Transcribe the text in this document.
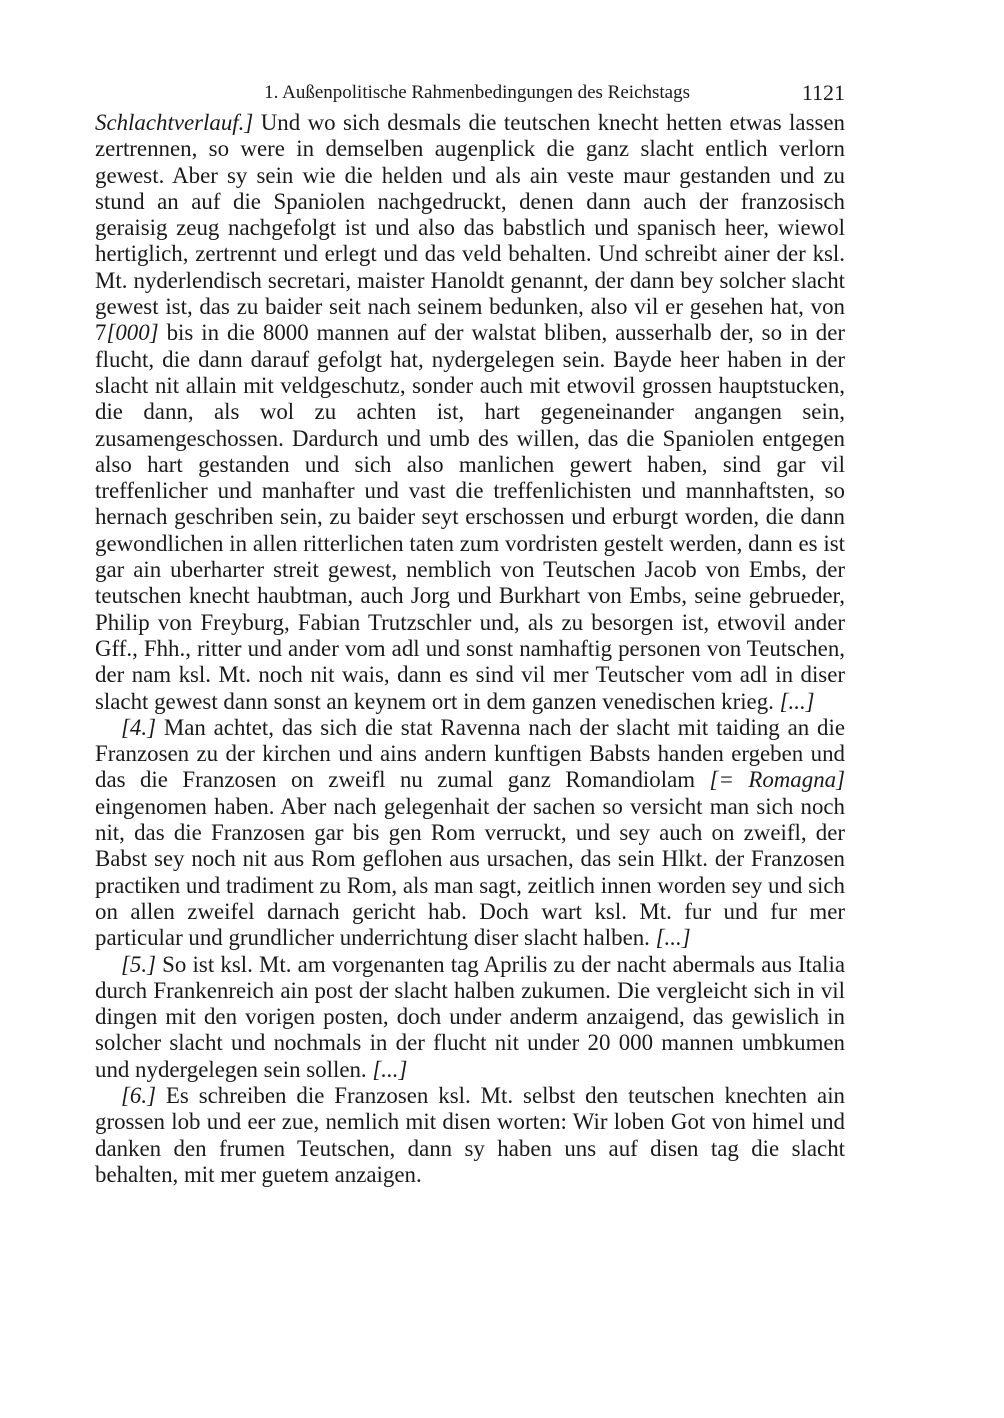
1. Außenpolitische Rahmenbedingungen des Reichstags	1121

Schlachtverlauf.] Und wo sich desmals die teutschen knecht hetten etwas lassen zertrennen, so were in demselben augenplick die ganz slacht entlich verlorn gewest. Aber sy sein wie die helden und als ain veste maur gestanden und zu stund an auf die Spaniolen nachgedruckt, denen dann auch der franzosisch geraisig zeug nachgefolgt ist und also das babstlich und spanisch heer, wiewol hertiglich, zertrennt und erlegt und das veld behalten. Und schreibt ainer der ksl. Mt. nyderlendisch secretari, maister Hanoldt genannt, der dann bey solcher slacht gewest ist, das zu baider seit nach seinem bedunken, also vil er gesehen hat, von 7[000] bis in die 8000 mannen auf der walstat bliben, ausserhalb der, so in der flucht, die dann darauf gefolgt hat, nydergelegen sein. Bayde heer haben in der slacht nit allain mit veldgeschutz, sonder auch mit etwovil grossen hauptstucken, die dann, als wol zu achten ist, hart gegeneinander angangen sein, zusamengeschossen. Dardurch und umb des willen, das die Spaniolen entgegen also hart gestanden und sich also manlichen gewert haben, sind gar vil treffenlicher und manhafter und vast die treffenlichisten und mannhaftsten, so hernach geschriben sein, zu baider seyt erschossen und erburgt worden, die dann gewondlichen in allen ritterlichen taten zum vordristen gestelt werden, dann es ist gar ain uberharter streit gewest, nemblich von Teutschen Jacob von Embs, der teutschen knecht haubtman, auch Jorg und Burkhart von Embs, seine gebrueder, Philip von Freyburg, Fabian Trutzschler und, als zu besorgen ist, etwovil ander Gff., Fhh., ritter und ander vom adl und sonst namhaftig personen von Teutschen, der nam ksl. Mt. noch nit wais, dann es sind vil mer Teutscher vom adl in diser slacht gewest dann sonst an keynem ort in dem ganzen venedischen krieg. [...]

[4.] Man achtet, das sich die stat Ravenna nach der slacht mit taiding an die Franzosen zu der kirchen und ains andern kunftigen Babsts handen ergeben und das die Franzosen on zweifl nu zumal ganz Romandiolam [= Romagna] eingenomen haben. Aber nach gelegenhait der sachen so versicht man sich noch nit, das die Franzosen gar bis gen Rom verruckt, und sey auch on zweifl, der Babst sey noch nit aus Rom geflohen aus ursachen, das sein Hlkt. der Franzosen practiken und tradiment zu Rom, als man sagt, zeitlich innen worden sey und sich on allen zweifel darnach gericht hab. Doch wart ksl. Mt. fur und fur mer particular und grundlicher underrichtung diser slacht halben. [...]

[5.] So ist ksl. Mt. am vorgenanten tag Aprilis zu der nacht abermals aus Italia durch Frankenreich ain post der slacht halben zukumen. Die vergleicht sich in vil dingen mit den vorigen posten, doch under anderm anzaigend, das gewislich in solcher slacht und nochmals in der flucht nit under 20 000 mannen umbkumen und nydergelegen sein sollen. [...]

[6.] Es schreiben die Franzosen ksl. Mt. selbst den teutschen knechten ain grossen lob und eer zue, nemlich mit disen worten: Wir loben Got von himel und danken den frumen Teutschen, dann sy haben uns auf disen tag die slacht behalten, mit mer guetem anzaigen.
